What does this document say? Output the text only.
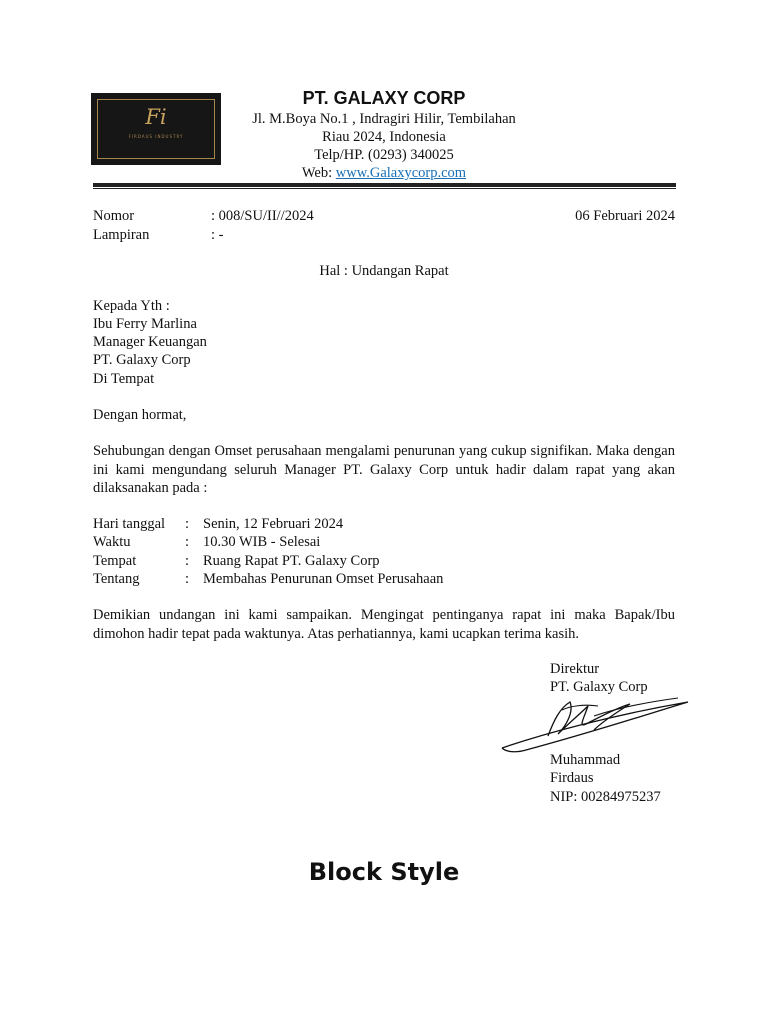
Fi
FIRDAUS INDUSTRY
PT. GALAXY CORP
Jl. M.Boya No.1 , Indragiri Hilir, Tembilahan
Riau 2024, Indonesia
Telp/HP. (0293) 340025
Web: www.Galaxycorp.com
Nomor	: 008/SU/II//2024	06 Februari 2024
Lampiran	: -
Hal : Undangan Rapat
Kepada Yth :
Ibu Ferry Marlina
Manager Keuangan
PT. Galaxy Corp
Di Tempat
Dengan hormat,
Sehubungan dengan Omset perusahaan mengalami penurunan yang cukup signifikan. Maka dengan ini kami mengundang seluruh Manager PT. Galaxy Corp untuk hadir dalam rapat yang akan dilaksanakan pada :
Hari tanggal : Senin, 12 Februari 2024
Waktu	: 10.30 WIB - Selesai
Tempat	: Ruang Rapat PT. Galaxy Corp
Tentang	: Membahas Penurunan Omset Perusahaan
Demikian undangan ini kami sampaikan. Mengingat pentinganya rapat ini maka Bapak/Ibu dimohon hadir tepat pada waktunya. Atas perhatiannya, kami ucapkan terima kasih.
Direktur
PT. Galaxy Corp
Muhammad
Firdaus
NIP: 00284975237
Block Style
